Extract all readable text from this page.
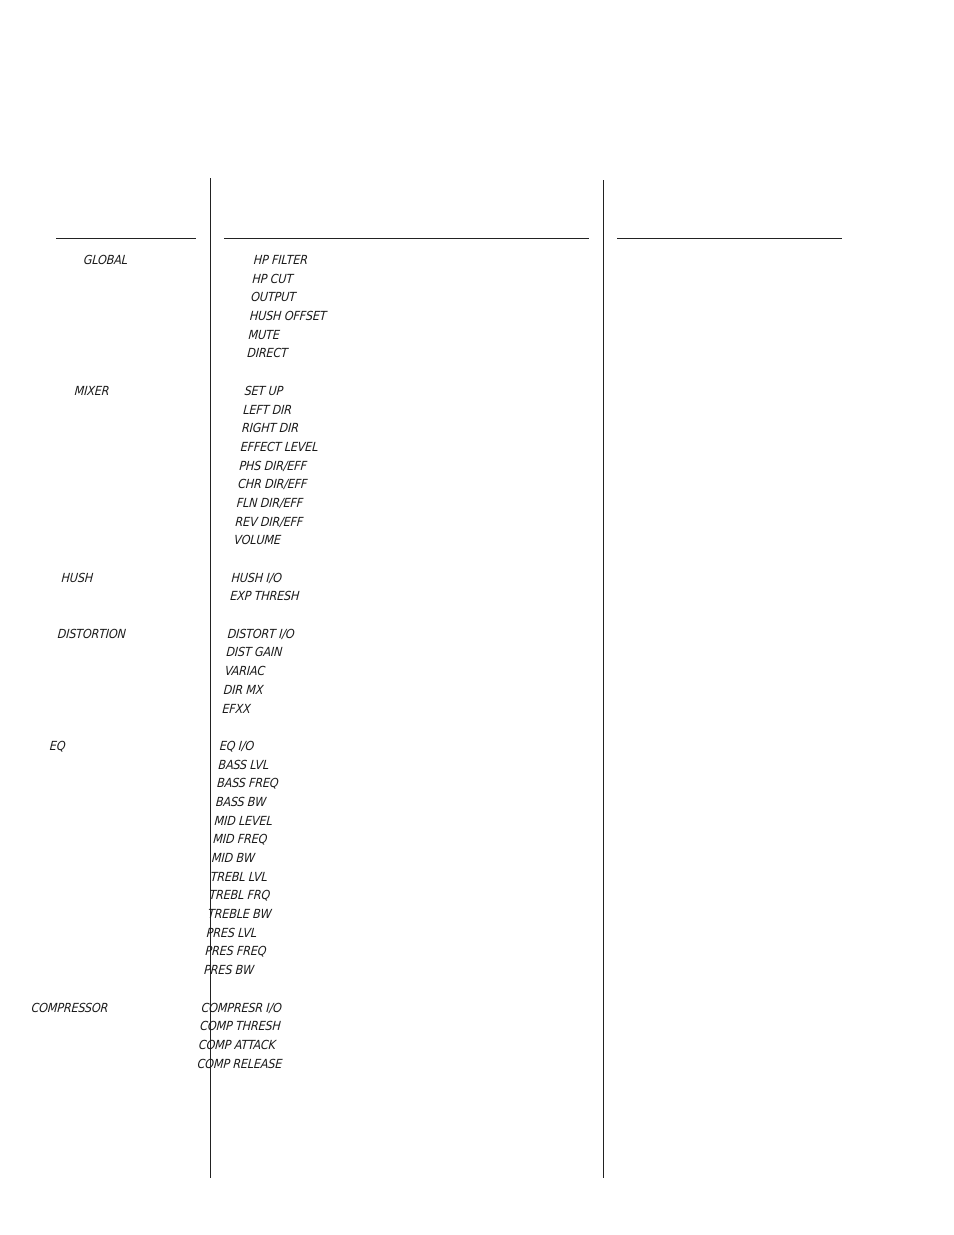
GLOBAL
MIXER
HUSH
DISTORTION
EQ
COMPRESSOR
HP FILTER
HP CUT
OUTPUT
HUSH OFFSET
MUTE
DIRECT
SET UP
LEFT DIR
RIGHT DIR
EFFECT LEVEL
PHS DIR/EFF
CHR DIR/EFF
FLN DIR/EFF
REV DIR/EFF
VOLUME
HUSH I/O
EXP THRESH
DISTORT I/O
DIST GAIN
VARIAC
DIR MX
EFXX
EQ I/O
BASS LVL
BASS FREQ
BASS BW
MID LEVEL
MID FREQ
MID BW
TREBL LVL
TREBL FRQ
TREBLE BW
PRES LVL
PRES FREQ
PRES BW
COMPRESR I/O
COMP THRESH
COMP ATTACK
COMP RELEASE
